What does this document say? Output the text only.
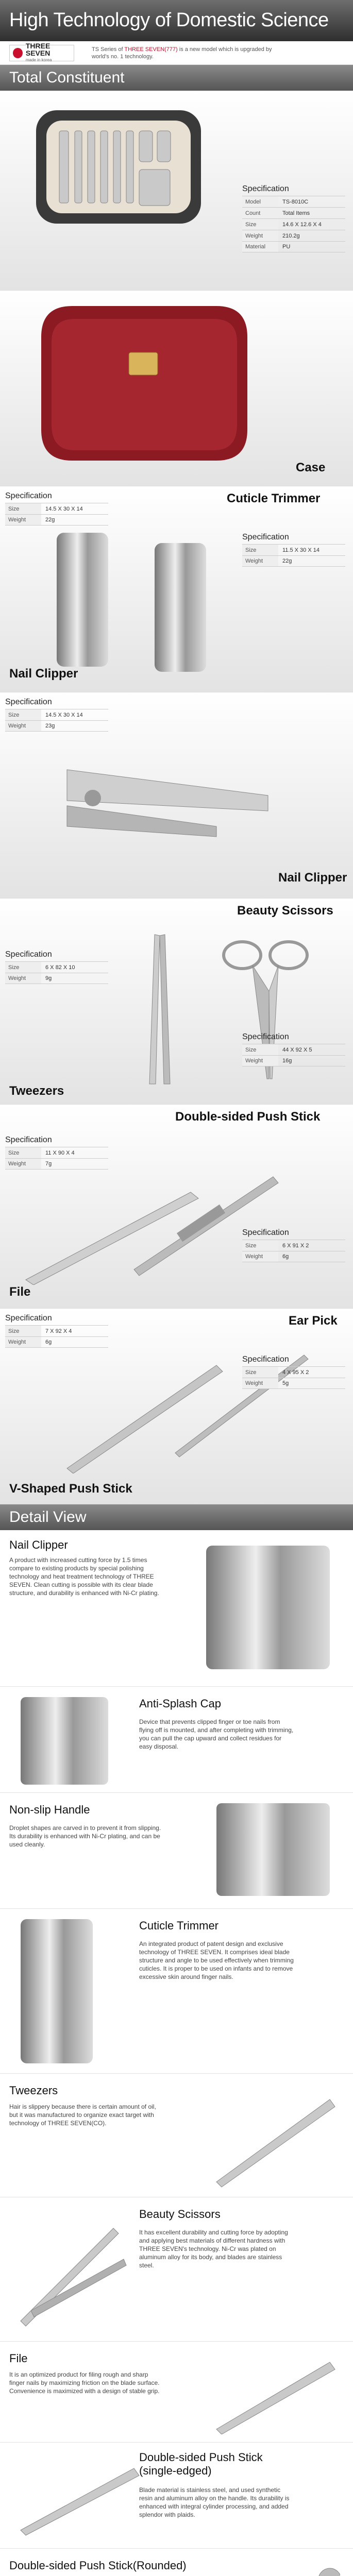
High Technology of Domestic Science
THREE SEVEN
made in korea
TS Series of THREE SEVEN(777) is a new model which is upgraded by world's no. 1 technology.
Total Constituent
Specification
Model	TS-8010C
Count	Total Items
Size	14.6 X 12.6 X 4
Weight	210.2g
Material	PU
Case
Specification
Size	14.5 X 30 X 14
Weight	22g
Cuticle Trimmer
Specification
Size	11.5 X 30 X 14
Weight	22g
Nail Clipper
Specification
Size	14.5 X 30 X 14
Weight	23g
Nail Clipper
Beauty Scissors
Specification
Size	6 X 82 X 10
Weight	9g
Specification
Size	44 X 92 X 5
Weight	16g
Tweezers
Double-sided Push Stick
Specification
Size	11 X 90 X 4
Weight	7g
Specification
Size	6 X 91 X 2
Weight	6g
File
Ear Pick
Specification
Size	7 X 92 X 4
Weight	6g
Specification
Size	4 X 95 X 2
Weight	5g
V-Shaped Push Stick
Detail View
Nail Clipper
A product with increased cutting force by 1.5 times compare to existing products by special polishing technology and heat treatment technology of THREE SEVEN. Clean cutting is possible with its clear blade structure, and durability is enhanced with Ni-Cr plating.
Anti-Splash Cap
Device that prevents clipped finger or toe nails from flying off is mounted, and after completing with trimming, you can pull the cap upward and collect residues for easy disposal.
Non-slip Handle
Droplet shapes are carved in to prevent it from slipping. Its durability is enhanced with Ni-Cr plating, and can be used cleanly.
Cuticle Trimmer
An integrated product of patent design and exclusive technology of THREE SEVEN. It comprises ideal blade structure and angle to be used effectively when trimming cuticles. It is proper to be used on infants and to remove excessive skin around finger nails.
Tweezers
Hair is slippery because there is certain amount of oil, but it was manufactured to organize exact target with technology of THREE SEVEN(CO).
Beauty Scissors
It has excellent durability and cutting force by adopting and applying best materials of different hardness with THREE SEVEN's technology. Ni-Cr was plated on aluminum alloy for its body, and blades are stainless steel.
File
It is an optimized product for filing rough and sharp finger nails by maximizing friction on the blade surface. Convenience is maximized with a design of stable grip.
Double-sided Push Stick (single-edged)
Blade material is stainless steel, and used synthetic resin and aluminum alloy on the handle. Its durability is enhanced with integral cylinder processing, and added splendor with plaids.
Double-sided Push Stick(Rounded)
